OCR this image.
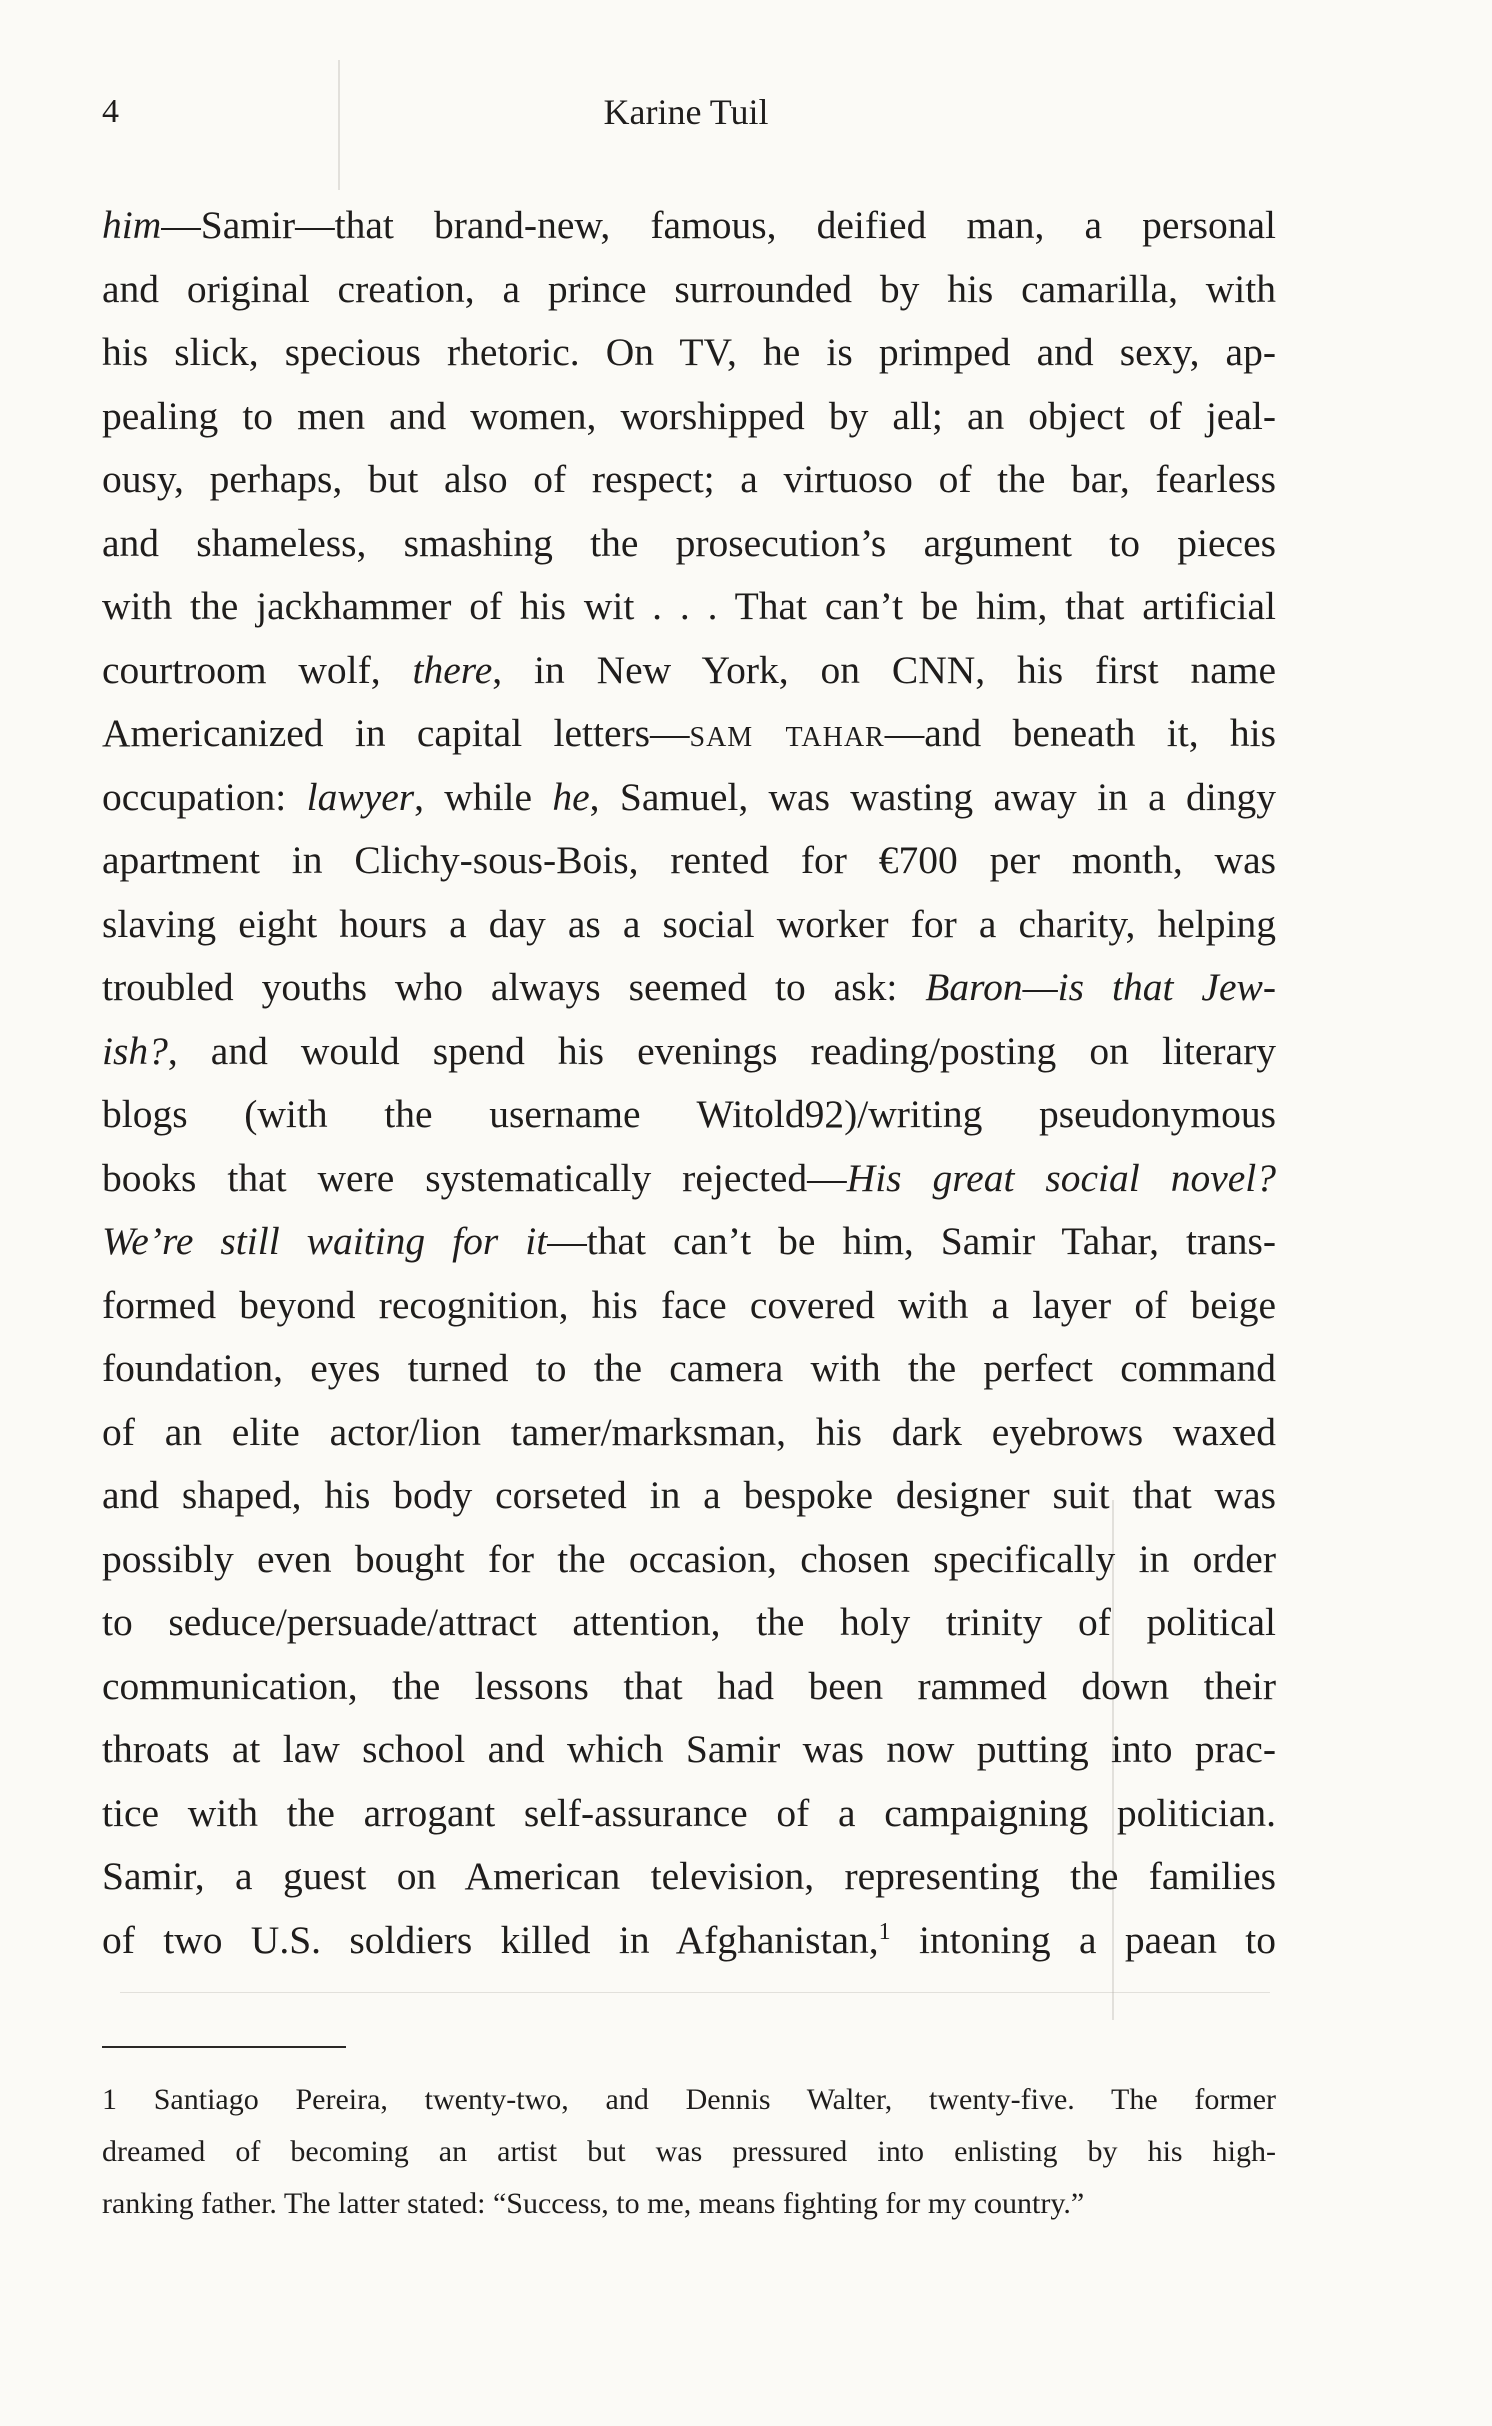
4	Karine Tuil

him—Samir—that brand-new, famous, deified man, a personal
and original creation, a prince surrounded by his camarilla, with
his slick, specious rhetoric. On TV, he is primped and sexy, ap-
pealing to men and women, worshipped by all; an object of jeal-
ousy, perhaps, but also of respect; a virtuoso of the bar, fearless
and shameless, smashing the prosecution’s argument to pieces
with the jackhammer of his wit . . . That can’t be him, that artificial
courtroom wolf, there, in New York, on CNN, his first name
Americanized in capital letters—sam tahar—and beneath it, his
occupation: lawyer, while he, Samuel, was wasting away in a dingy
apartment in Clichy-sous-Bois, rented for €700 per month, was
slaving eight hours a day as a social worker for a charity, helping
troubled youths who always seemed to ask: Baron—is that Jew-
ish?, and would spend his evenings reading/posting on literary
blogs (with the username Witold92)/writing pseudonymous
books that were systematically rejected—His great social novel?
We’re still waiting for it—that can’t be him, Samir Tahar, trans-
formed beyond recognition, his face covered with a layer of beige
foundation, eyes turned to the camera with the perfect command
of an elite actor/lion tamer/marksman, his dark eyebrows waxed
and shaped, his body corseted in a bespoke designer suit that was
possibly even bought for the occasion, chosen specifically in order
to seduce/persuade/attract attention, the holy trinity of political
communication, the lessons that had been rammed down their
throats at law school and which Samir was now putting into prac-
tice with the arrogant self-assurance of a campaigning politician.
Samir, a guest on American television, representing the families
of two U.S. soldiers killed in Afghanistan,$^1$ intoning a paean to

1 Santiago Pereira, twenty-two, and Dennis Walter, twenty-five. The former
dreamed of becoming an artist but was pressured into enlisting by his high-
ranking father. The latter stated: “Success, to me, means fighting for my country.”
